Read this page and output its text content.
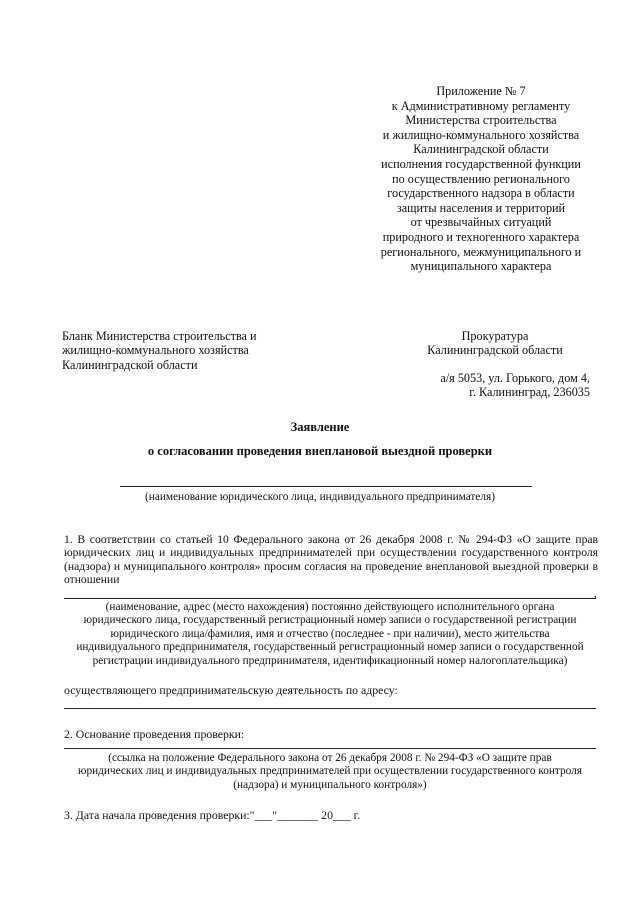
Приложение № 7
к Административному регламенту
Министерства строительства
и жилищно-коммунального хозяйства
Калининградской области
исполнения государственной функции
по осуществлению регионального
государственного надзора в области
защиты населения и территорий
от чрезвычайных ситуаций
природного и техногенного характера
регионального, межмуниципального и
муниципального характера
Бланк Министерства строительства и
жилищно-коммунального хозяйства
Калининградской области
Прокуратура
Калининградской области
а/я 5053, ул. Горького, дом 4,
г. Калининград, 236035
Заявление
о согласовании проведения внеплановой выездной проверки
(наименование юридического лица, индивидуального предпринимателя)
1. В соответствии со статьей 10 Федерального закона от 26 декабря 2008 г. № 294-ФЗ «О защите прав юридических лиц и индивидуальных предпринимателей при осуществлении государственного контроля (надзора) и муниципального контроля» просим согласия на проведение внеплановой выездной проверки в отношении
,
(наименование, адрес (место нахождения) постоянно действующего исполнительного органа
юридического лица, государственный регистрационный номер записи о государственной регистрации
юридического лица/фамилия, имя и отчество (последнее - при наличии), место жительства
индивидуального предпринимателя, государственный регистрационный номер записи о государственной
регистрации индивидуального предпринимателя, идентификационный номер налогоплательщика)
осуществляющего предпринимательскую деятельность по адресу:
2. Основание проведения проверки:
(ссылка на положение Федерального закона от 26 декабря 2008 г. № 294-ФЗ «О защите прав
юридических лиц и индивидуальных предпринимателей при осуществлении государственного контроля
(надзора) и муниципального контроля»)
3. Дата начала проведения проверки:"___"_______ 20___ г.
